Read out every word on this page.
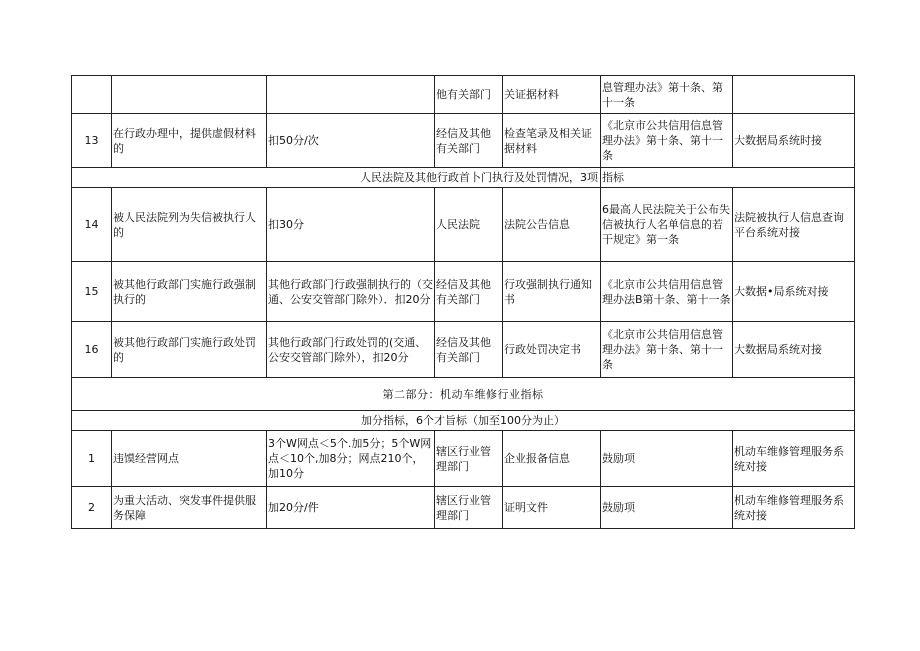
			他有关部门	关证据材料	息管理办法》第十条、第十一条	
13	在行政办理中，提供虚假材料的	扣50分/次	经信及其他有关部门	检查笔录及相关证据材料	《北京市公共信用信息管理办法》第十条、第十一条	大数据局系统时接
人民法院及其他行政首卜门执行及处罚情况，3项					指标	
14	被人民法院列为失信被执行人的	扣30分	人民法院	法院公告信息	6最高人民法院关于公布失信被执行人名单信息的若干规定》第一条	法院被执行人信息查询平台系统对接
15	被其他行政部门实施行政强制执行的	其他行政部门行政强制执行的（交通、公安交管部门除外）．扣20分	经信及其他有关部门	行攻强制执行通知书	《北京市公共信用信息管理办法B第十条、第十一条	大数据•局系统对接
16	被其他行政部门实施行政处罚的	其他行政部门行政处罚的(交通、公安交管部门除外），扣20分	经信及其他有关部门	行政处罚决定书	《北京市公共信用信息管理办法》第十条、第十一条	大数据局系统对接
第二部分：机动车维修行业指标						
加分指标，6个才旨标（加至100分为止）						
1	违馍经营网点	3个W网点＜5个.加5分；5个W网点＜10个,加8分；网点210个，加10分	辖区行业管理部门	企业报备信息	鼓励项	机动车维修管理服务系统对接
2	为重大活动、突发事件提供服务保障	加20分/件	辖区行业管理部门	证明文件	鼓励项	机动车维修管理服务系统对接
